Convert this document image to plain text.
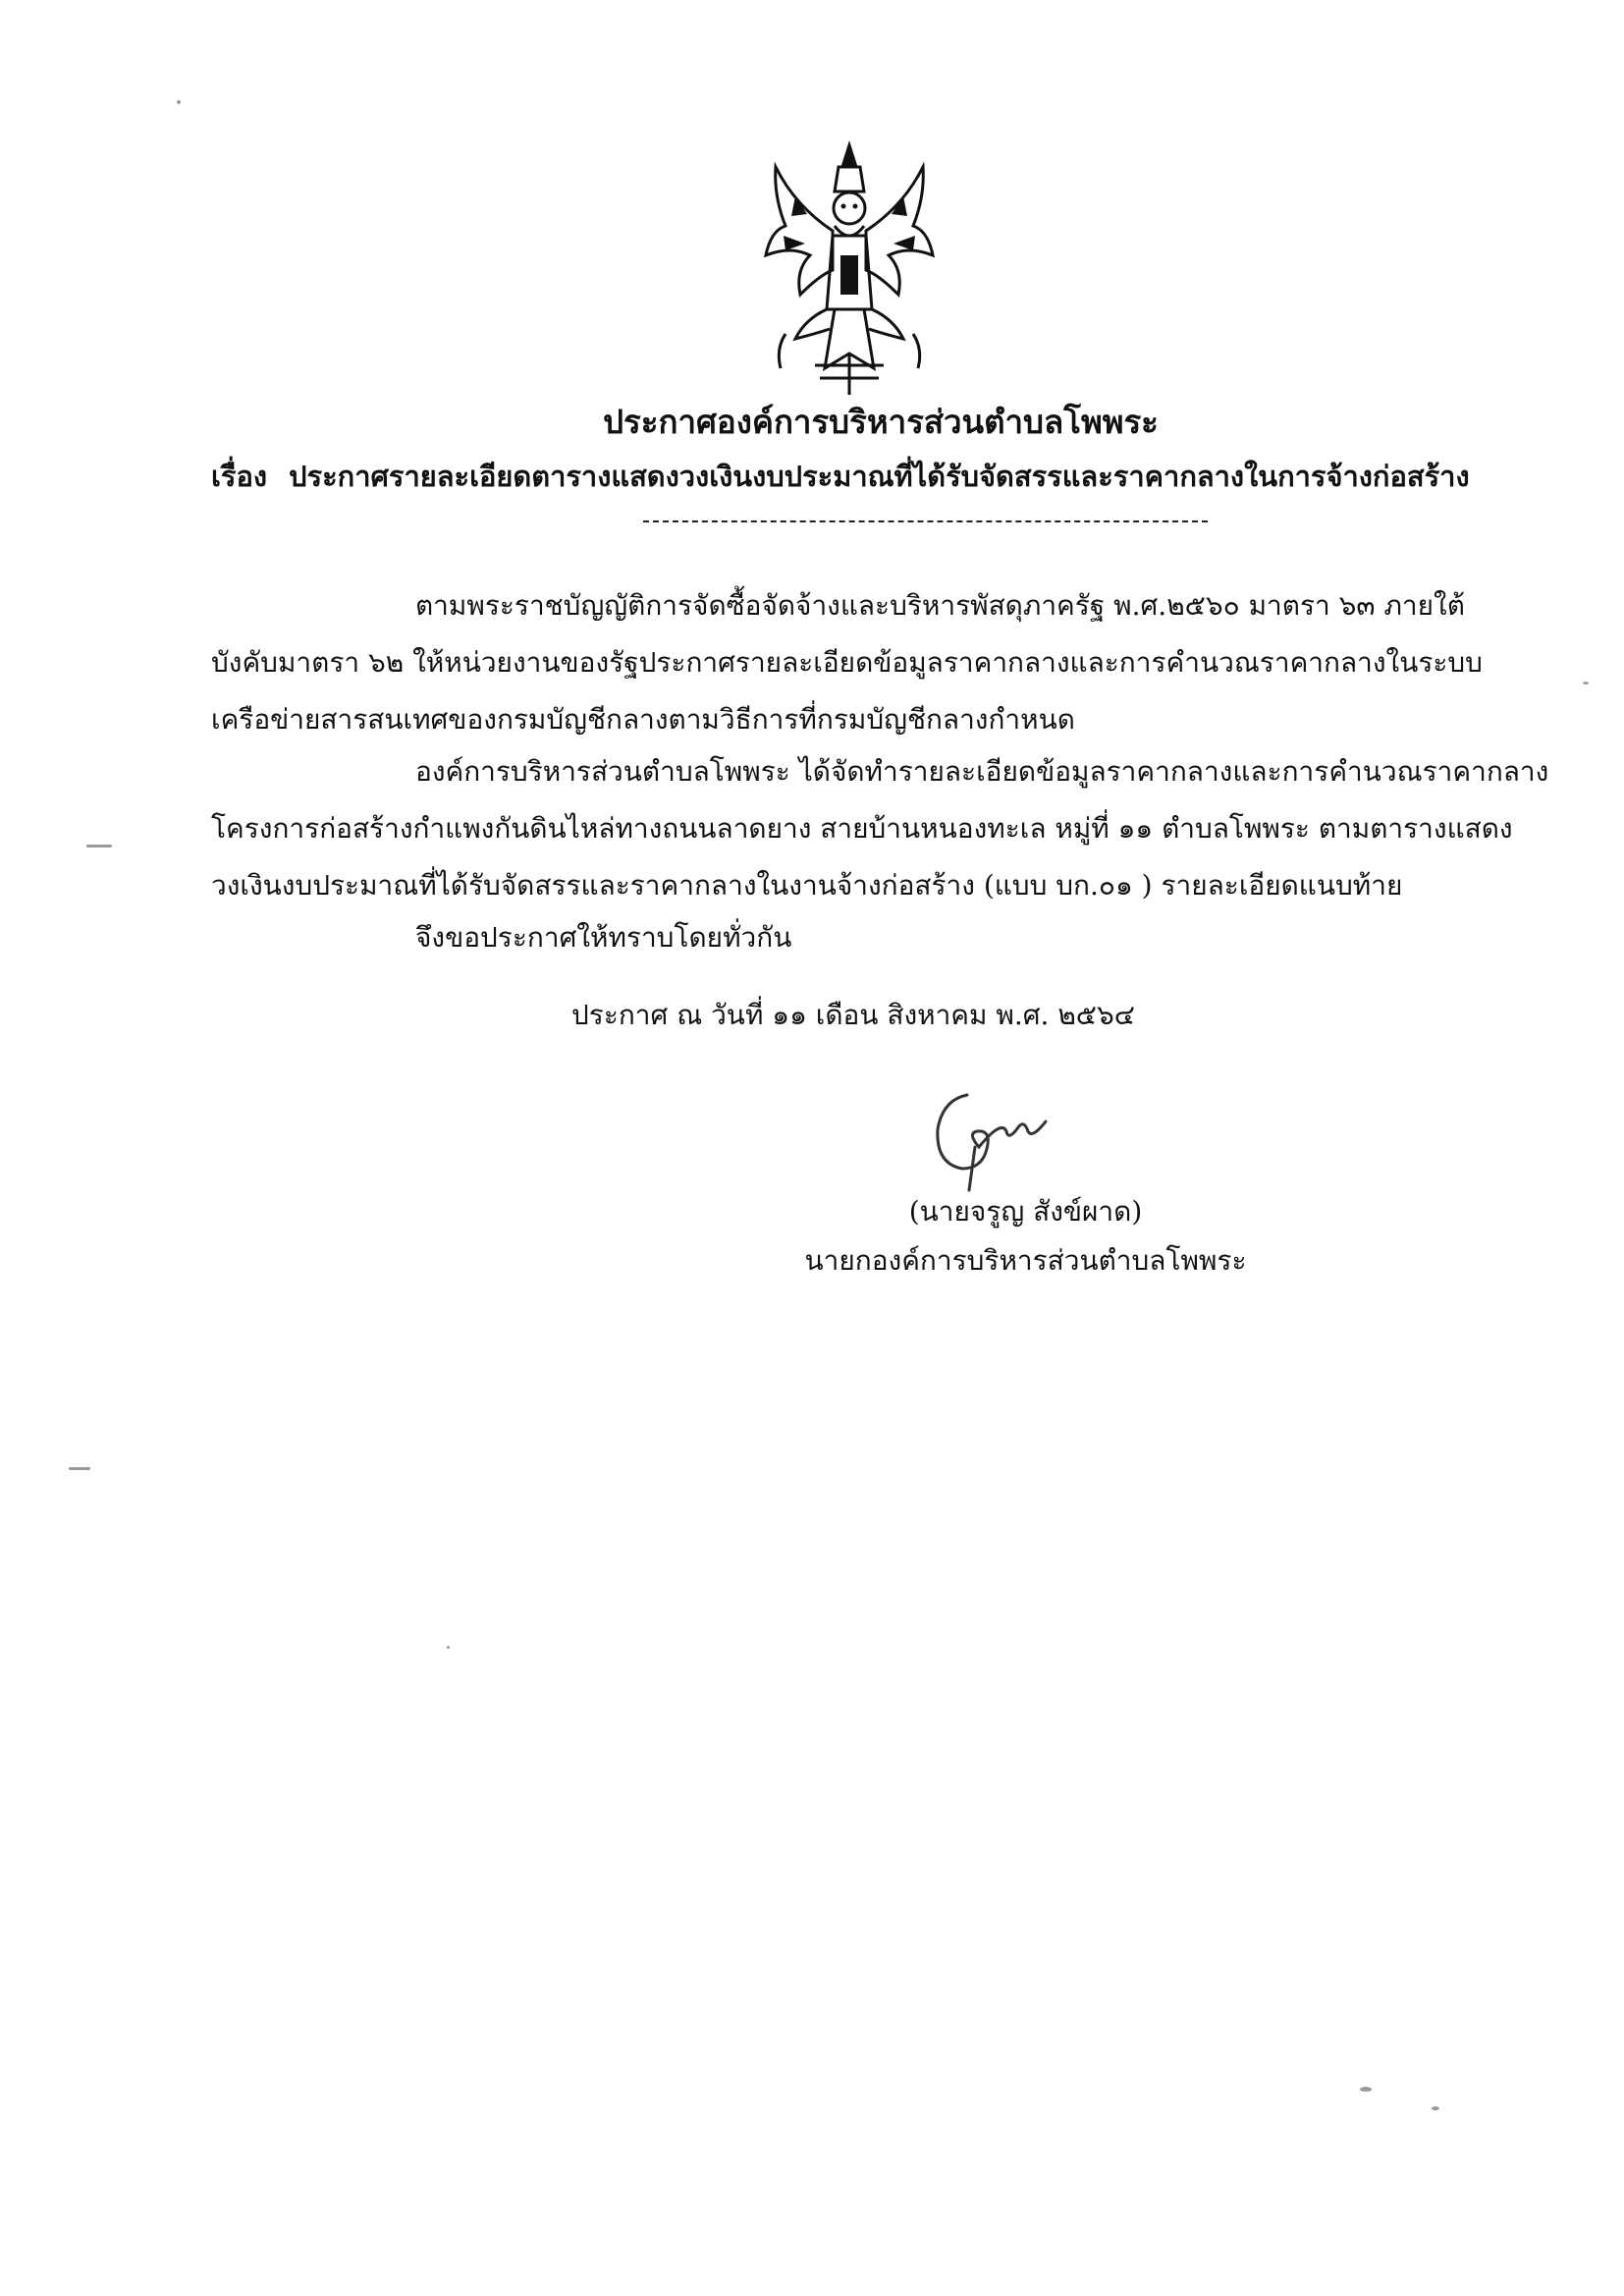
ประกาศองค์การบริหารส่วนตำบลโพพระ
เรื่อง ประกาศรายละเอียดตารางแสดงวงเงินงบประมาณที่ได้รับจัดสรรและราคากลางในการจ้างก่อสร้าง
ตามพระราชบัญญัติการจัดซื้อจัดจ้างและบริหารพัสดุภาครัฐ พ.ศ.๒๕๖๐ มาตรา ๖๓ ภายใต้
บังคับมาตรา ๖๒ ให้หน่วยงานของรัฐประกาศรายละเอียดข้อมูลราคากลางและการคำนวณราคากลางในระบบ
เครือข่ายสารสนเทศของกรมบัญชีกลางตามวิธีการที่กรมบัญชีกลางกำหนด
องค์การบริหารส่วนตำบลโพพระ ได้จัดทำรายละเอียดข้อมูลราคากลางและการคำนวณราคากลาง
โครงการก่อสร้างกำแพงกันดินไหล่ทางถนนลาดยาง สายบ้านหนองทะเล หมู่ที่ ๑๑ ตำบลโพพระ ตามตารางแสดง
วงเงินงบประมาณที่ได้รับจัดสรรและราคากลางในงานจ้างก่อสร้าง (แบบ บก.๐๑ ) รายละเอียดแนบท้าย
จึงขอประกาศให้ทราบโดยทั่วกัน
ประกาศ ณ วันที่ ๑๑ เดือน สิงหาคม พ.ศ. ๒๕๖๔
(นายจรูญ สังข์ผาด)
นายกองค์การบริหารส่วนตำบลโพพระ
